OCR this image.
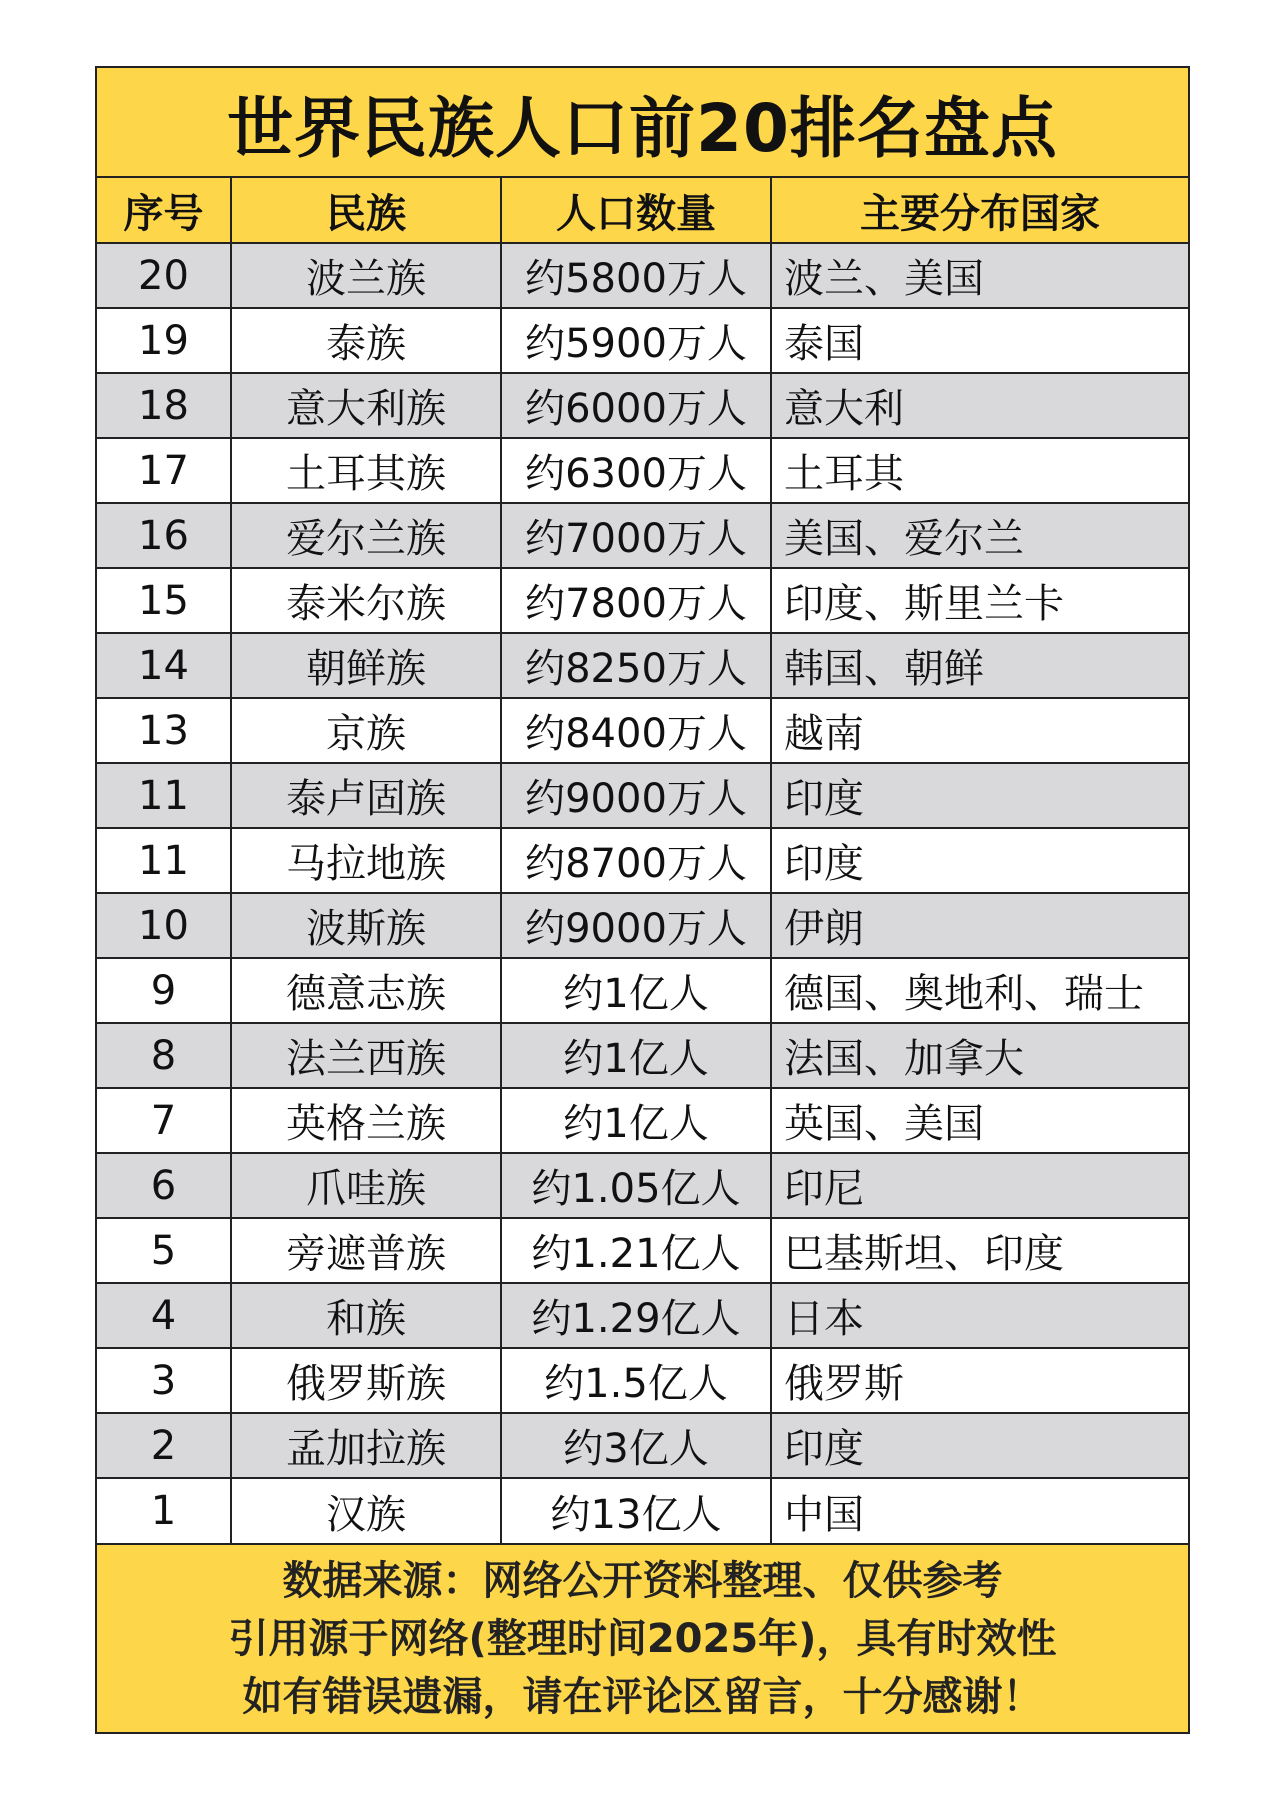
世界民族人口前20排名盘点
序号	民族	人口数量	主要分布国家
20	波兰族	约5800万人	波兰、美国
19	泰族	约5900万人	泰国
18	意大利族	约6000万人	意大利
17	土耳其族	约6300万人	土耳其
16	爱尔兰族	约7000万人	美国、爱尔兰
15	泰米尔族	约7800万人	印度、斯里兰卡
14	朝鲜族	约8250万人	韩国、朝鲜
13	京族	约8400万人	越南
11	泰卢固族	约9000万人	印度
11	马拉地族	约8700万人	印度
10	波斯族	约9000万人	伊朗
9	德意志族	约1亿人	德国、奥地利、瑞士
8	法兰西族	约1亿人	法国、加拿大
7	英格兰族	约1亿人	英国、美国
6	爪哇族	约1.05亿人	印尼
5	旁遮普族	约1.21亿人	巴基斯坦、印度
4	和族	约1.29亿人	日本
3	俄罗斯族	约1.5亿人	俄罗斯
2	孟加拉族	约3亿人	印度
1	汉族	约13亿人	中国
数据来源：网络公开资料整理、仅供参考
引用源于网络(整理时间2025年)，具有时效性
如有错误遗漏，请在评论区留言，十分感谢！
